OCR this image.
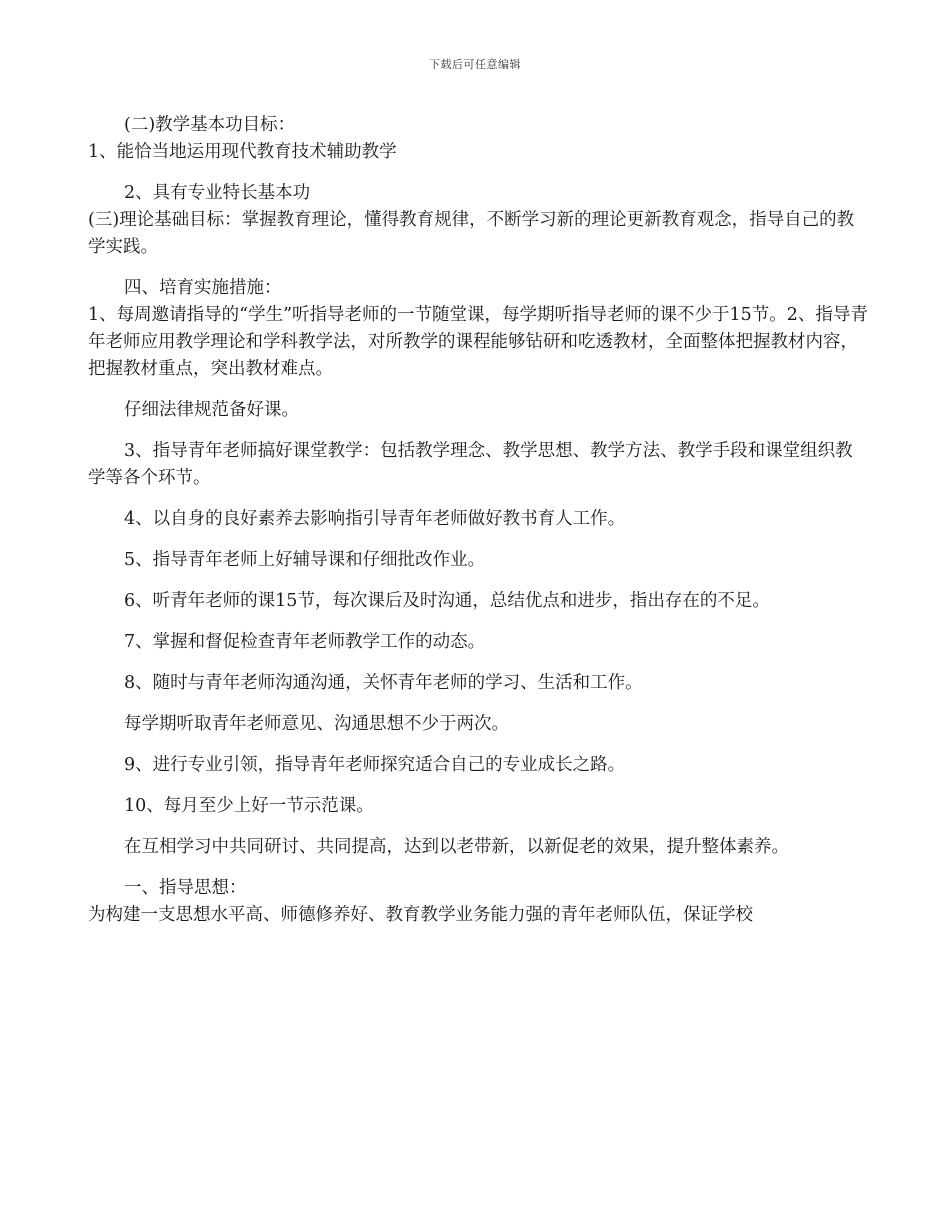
下载后可任意编辑

(二)教学基本功目标：

1、能恰当地运用现代教育技术辅助教学

2、具有专业特长基本功

(三)理论基础目标：掌握教育理论，懂得教育规律，不断学习新的理论更新教育观念，指导自己的教学实践。

四、培育实施措施：

1、每周邀请指导的“学生”听指导老师的一节随堂课，每学期听指导老师的课不少于15节。2、指导青年老师应用教学理论和学科教学法，对所教学的课程能够钻研和吃透教材，全面整体把握教材内容，把握教材重点，突出教材难点。

仔细法律规范备好课。

3、指导青年老师搞好课堂教学：包括教学理念、教学思想、教学方法、教学手段和课堂组织教学等各个环节。

4、以自身的良好素养去影响指引导青年老师做好教书育人工作。

5、指导青年老师上好辅导课和仔细批改作业。

6、听青年老师的课15节，每次课后及时沟通，总结优点和进步，指出存在的不足。

7、掌握和督促检查青年老师教学工作的动态。

8、随时与青年老师沟通沟通，关怀青年老师的学习、生活和工作。

每学期听取青年老师意见、沟通思想不少于两次。

9、进行专业引领，指导青年老师探究适合自己的专业成长之路。

10、每月至少上好一节示范课。

在互相学习中共同研讨、共同提高，达到以老带新，以新促老的效果，提升整体素养。

一、指导思想：

为构建一支思想水平高、师德修养好、教育教学业务能力强的青年老师队伍，保证学校
